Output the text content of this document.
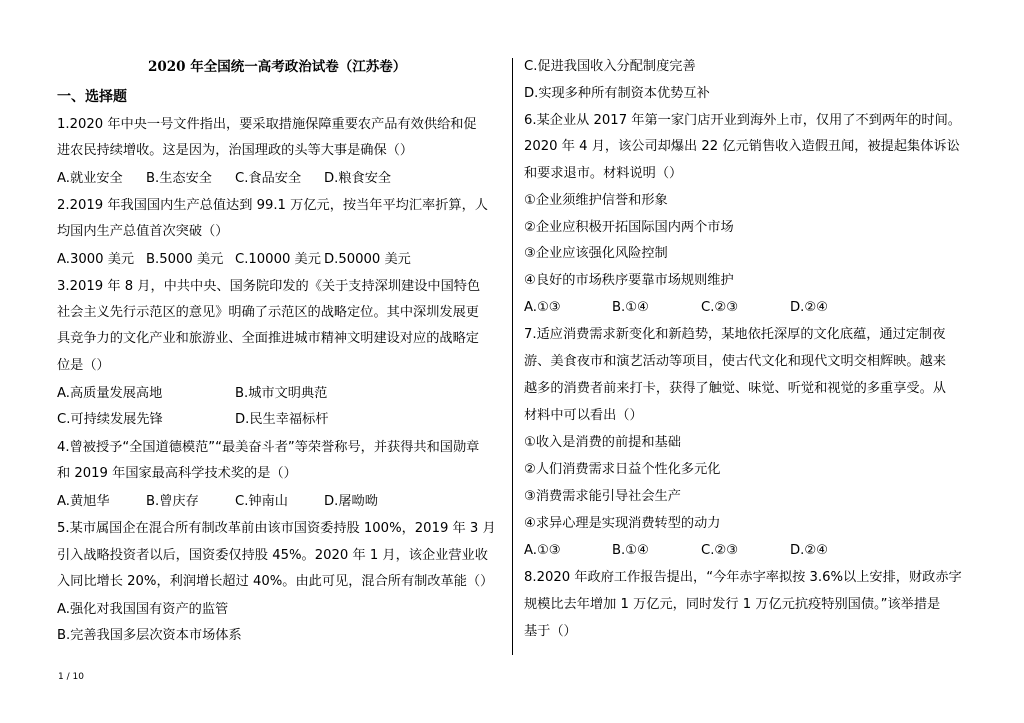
2020 年全国统一高考政治试卷（江苏卷）
一、选择题
1.2020 年中央一号文件指出，要采取措施保障重要农产品有效供给和促
进农民持续增收。这是因为，治国理政的头等大事是确保（）
A.就业安全 B.生态安全 C.食品安全 D.粮食安全
2.2019 年我国国内生产总值达到 99.1 万亿元，按当年平均汇率折算，人
均国内生产总值首次突破（）
A.3000 美元 B.5000 美元 C.10000 美元 D.50000 美元
3.2019 年 8 月，中共中央、国务院印发的《关于支持深圳建设中国特色
社会主义先行示范区的意见》明确了示范区的战略定位。其中深圳发展更
具竞争力的文化产业和旅游业、全面推进城市精神文明建设对应的战略定
位是（）
A.高质量发展高地	B.城市文明典范
C.可持续发展先锋	D.民生幸福标杆
4.曾被授予“全国道德模范”“最美奋斗者”等荣誉称号，并获得共和国勋章
和 2019 年国家最高科学技术奖的是（）
A.黄旭华	B.曾庆存	C.钟南山	D.屠呦呦
5.某市属国企在混合所有制改革前由该市国资委持股 100%，2019 年 3 月
引入战略投资者以后，国资委仅持股 45%。2020 年 1 月，该企业营业收
入同比增长 20%，利润增长超过 40%。由此可见，混合所有制改革能（）
A.强化对我国国有资产的监管
B.完善我国多层次资本市场体系
C.促进我国收入分配制度完善
D.实现多种所有制资本优势互补
6.某企业从 2017 年第一家门店开业到海外上市，仅用了不到两年的时间。
2020 年 4 月，该公司却爆出 22 亿元销售收入造假丑闻，被提起集体诉讼
和要求退市。材料说明（）
①企业须维护信誉和形象
②企业应积极开拓国际国内两个市场
③企业应该强化风险控制
④良好的市场秩序要靠市场规则维护
A.①③	B.①④	C.②③	D.②④
7.适应消费需求新变化和新趋势，某地依托深厚的文化底蕴，通过定制夜
游、美食夜市和演艺活动等项目，使古代文化和现代文明交相辉映。越来
越多的消费者前来打卡，获得了触觉、味觉、听觉和视觉的多重享受。从
材料中可以看出（）
①收入是消费的前提和基础
②人们消费需求日益个性化多元化
③消费需求能引导社会生产
④求异心理是实现消费转型的动力
A.①③	B.①④	C.②③	D.②④
8.2020 年政府工作报告提出，“今年赤字率拟按 3.6%以上安排，财政赤字
规模比去年增加 1 万亿元，同时发行 1 万亿元抗疫特别国债。”该举措是
基于（）
1 / 10
